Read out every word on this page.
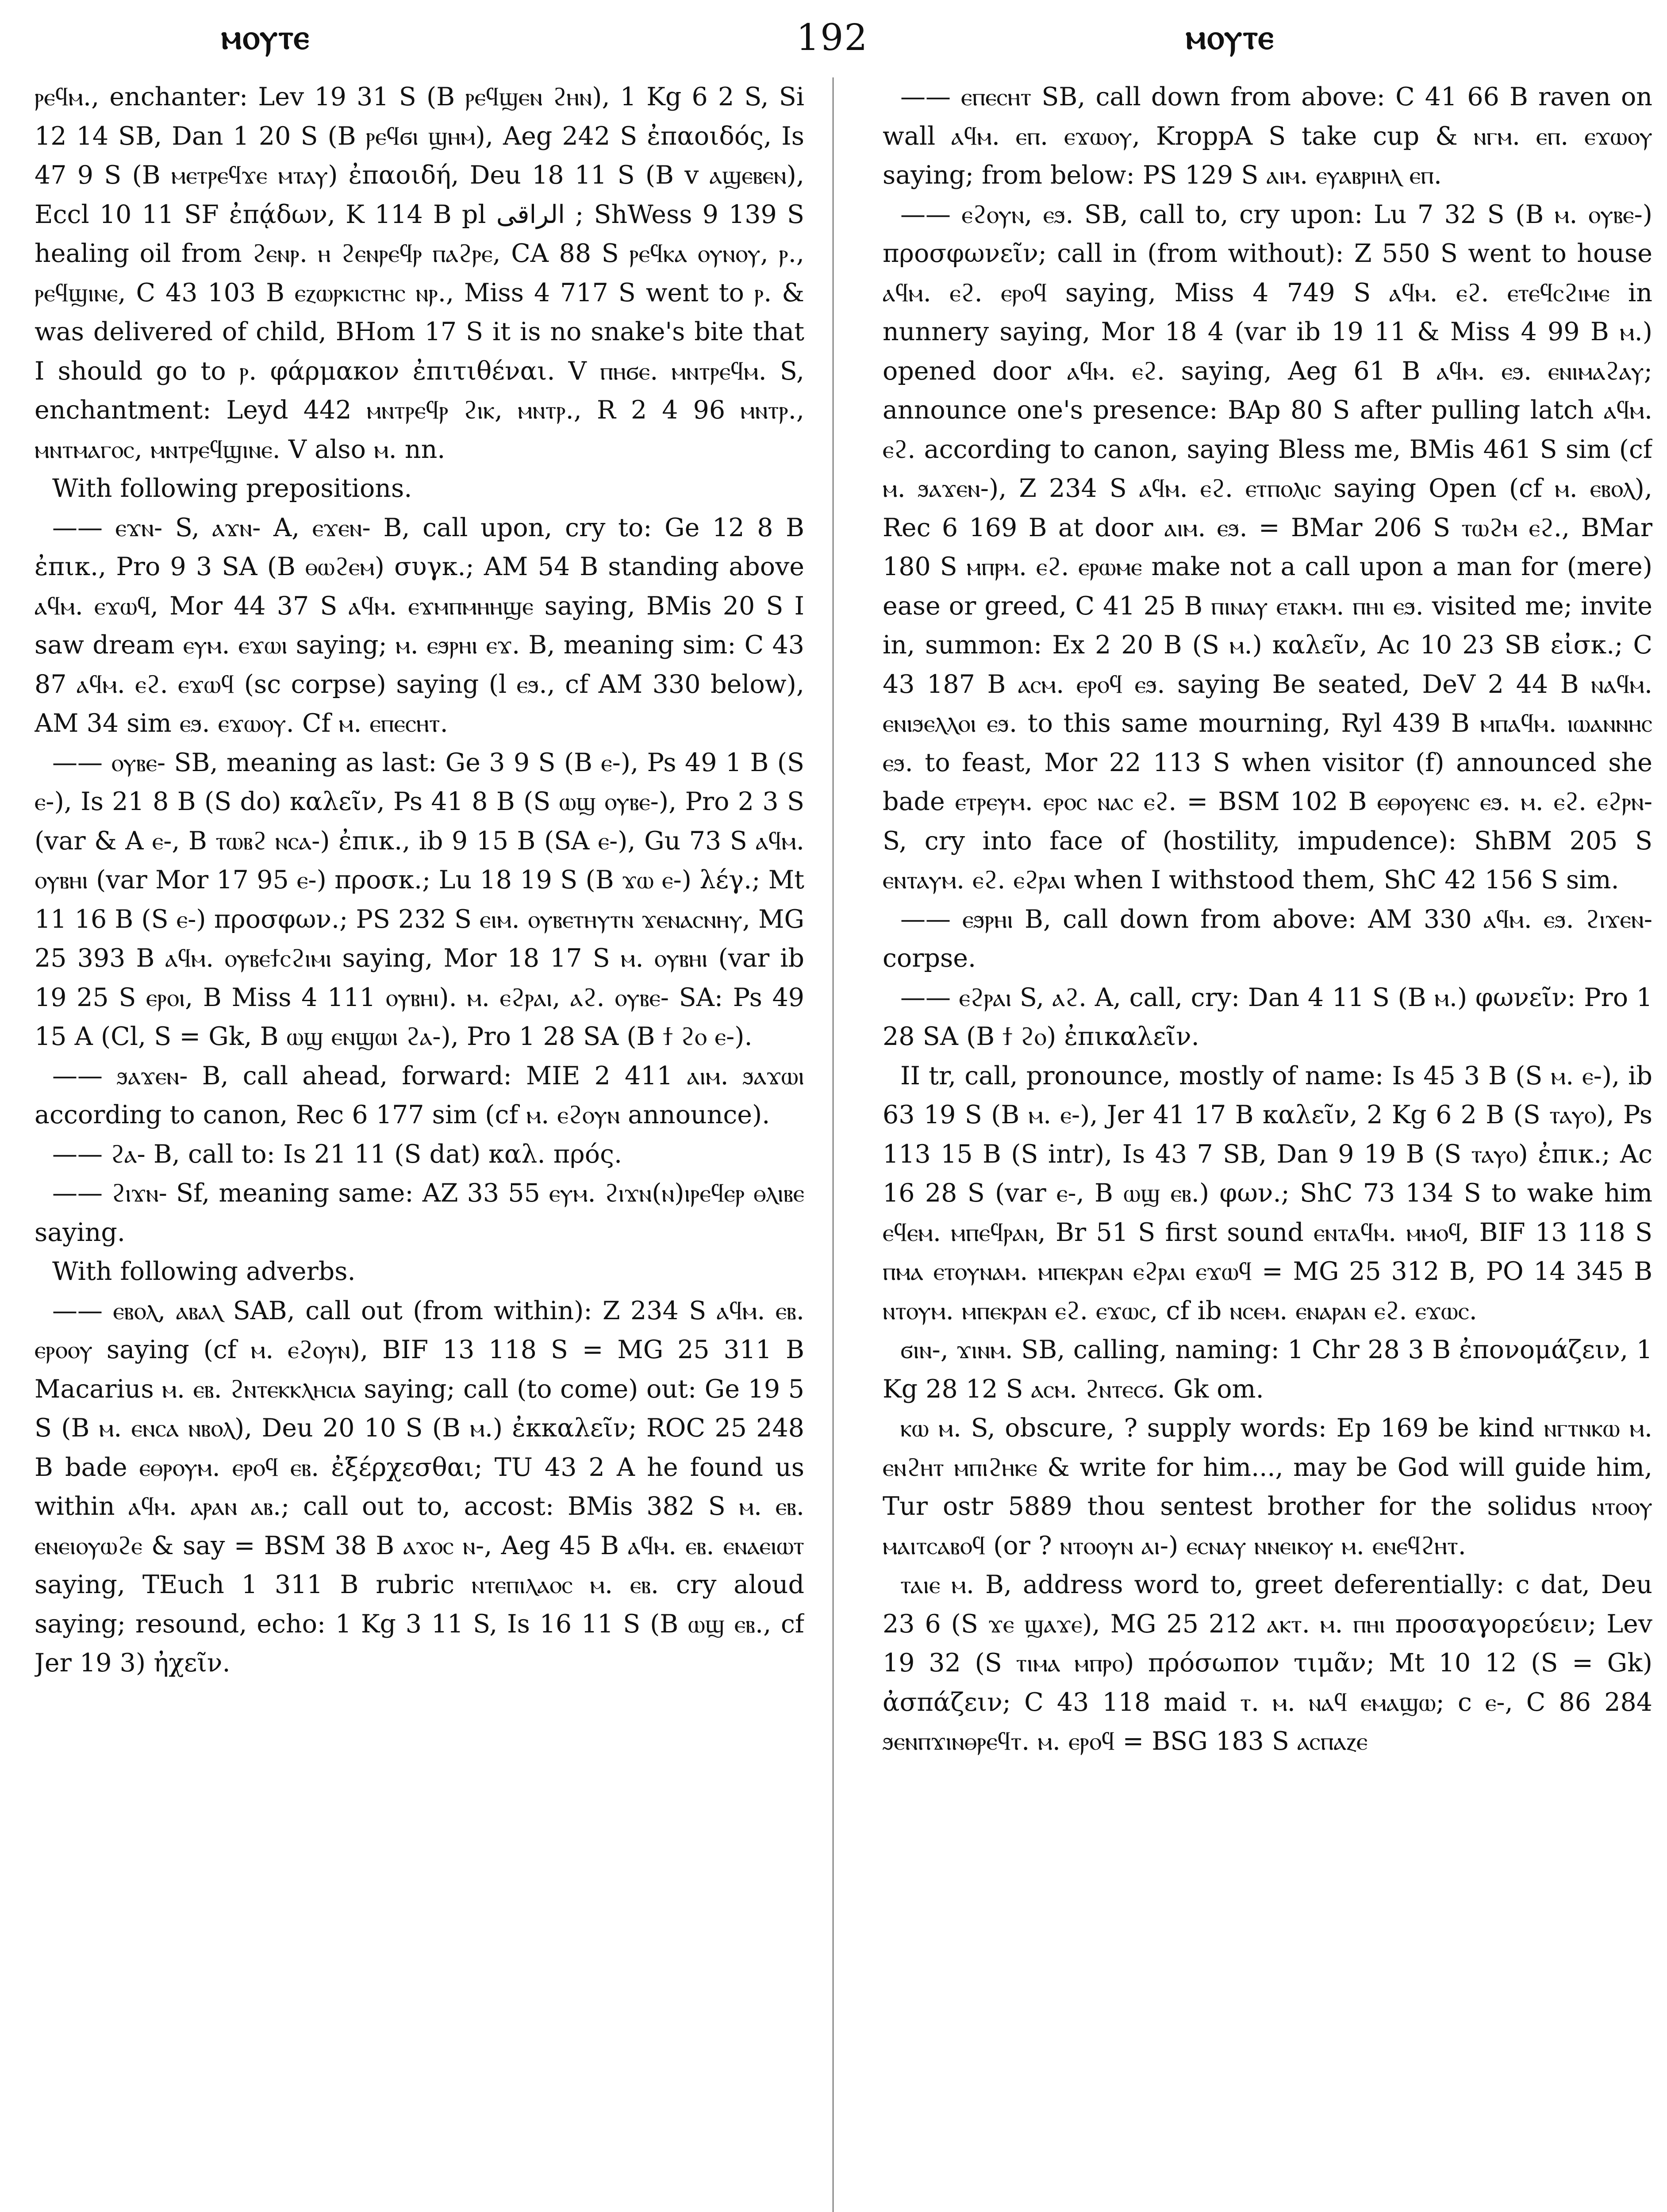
ⲙⲟⲩⲧⲉ	192	ⲙⲟⲩⲧⲉ

ⲣⲉϥⲙ., enchanter: Lev 19 31 S (B ⲣⲉϥϣⲉⲛ ϩⲏⲛ), 1 Kg 6 2 S, Si 12 14 SB, Dan 1 20 S (B ⲣⲉϥϭⲓ ϣⲏⲙ), Aeg 242 S ἐπαοιδός, Is 47 9 S (B ⲙⲉⲧⲣⲉϥϫⲉ ⲙⲧⲁⲩ) ἐπαοιδή, Deu 18 11 S (B v ⲁϣⲉⲃⲉⲛ), Eccl 10 11 SF ἐπᾴδων, K 114 B pl ﺍﻟﺮﺍﻗﻰ ; ShWess 9 139 S healing oil from ϩⲉⲛⲣ. ⲏ ϩⲉⲛⲣⲉϥⲣ ⲡⲁϩⲣⲉ, CA 88 S ⲣⲉϥⲕⲁ ⲟⲩⲛⲟⲩ, ⲣ., ⲣⲉϥϣⲓⲛⲉ, C 43 103 B ⲉⲍⲱⲣⲕⲓⲥⲧⲏⲥ ⲛⲣ., Miss 4 717 S went to ⲣ. & was delivered of child, BHom 17 S it is no snake's bite that I should go to ⲣ. φάρμακον ἐπιτιθέναι. V ⲡⲏϭⲉ. ⲙⲛⲧⲣⲉϥⲙ. S, enchantment: Leyd 442 ⲙⲛⲧⲣⲉϥⲣ ϩⲓⲕ, ⲙⲛⲧⲣ., R 2 4 96 ⲙⲛⲧⲣ., ⲙⲛⲧⲙⲁⲅⲟⲥ, ⲙⲛⲧⲣⲉϥϣⲓⲛⲉ. V also ⲙ. nn.

With following prepositions.

—— ⲉϫⲛ- S, ⲁϫⲛ- A, ⲉϫⲉⲛ- B, call upon, cry to: Ge 12 8 B ἐπικ., Pro 9 3 SA (B ⲑⲱϩⲉⲙ) συγκ.; AM 54 B standing above ⲁϥⲙ. ⲉϫⲱϥ, Mor 44 37 S ⲁϥⲙ. ⲉϫⲙⲡⲙⲏⲏϣⲉ saying, BMis 20 S I saw dream ⲉⲩⲙ. ⲉϫⲱⲓ saying; ⲙ. ⲉϧⲣⲏⲓ ⲉϫ. B, meaning sim: C 43 87 ⲁϥⲙ. ⲉϩ. ⲉϫⲱϥ (sc corpse) saying (l ⲉϧ., cf AM 330 below), AM 34 sim ⲉϧ. ⲉϫⲱⲟⲩ. Cf ⲙ. ⲉⲡⲉⲥⲏⲧ.

—— ⲟⲩⲃⲉ- SB, meaning as last: Ge 3 9 S (B ⲉ-), Ps 49 1 B (S ⲉ-), Is 21 8 B (S do) καλεῖν, Ps 41 8 B (S ⲱϣ ⲟⲩⲃⲉ-), Pro 2 3 S (var & A ⲉ-, B ⲧⲱⲃϩ ⲛⲥⲁ-) ἐπικ., ib 9 15 B (SA ⲉ-), Gu 73 S ⲁϥⲙ. ⲟⲩⲃⲏⲓ (var Mor 17 95 ⲉ-) προσκ.; Lu 18 19 S (B ϫⲱ ⲉ-) λέγ.; Mt 11 16 B (S ⲉ-) προσφων.; PS 232 S ⲉⲓⲙ. ⲟⲩⲃⲉⲧⲏⲩⲧⲛ ϫⲉⲛⲁⲥⲛⲏⲩ, MG 25 393 B ⲁϥⲙ. ⲟⲩⲃⲉϯⲥϩⲓⲙⲓ saying, Mor 18 17 S ⲙ. ⲟⲩⲃⲏⲓ (var ib 19 25 S ⲉⲣⲟⲓ, B Miss 4 111 ⲟⲩⲃⲏⲓ). ⲙ. ⲉϩⲣⲁⲓ, ⲁϩ. ⲟⲩⲃⲉ- SA: Ps 49 15 A (Cl, S = Gk, B ⲱϣ ⲉⲛϣⲱⲓ ϩⲁ-), Pro 1 28 SA (B ϯ ϩⲟ ⲉ-).

—— ϧⲁϫⲉⲛ- B, call ahead, forward: MIE 2 411 ⲁⲓⲙ. ϧⲁϫⲱⲓ according to canon, Rec 6 177 sim (cf ⲙ. ⲉϩⲟⲩⲛ announce).

—— ϩⲁ- B, call to: Is 21 11 (S dat) καλ. πρός.

—— ϩⲓϫⲛ- Sf, meaning same: AZ 33 55 ⲉⲩⲙ. ϩⲓϫⲛ(ⲛ)ⲓⲣⲉϥⲉⲣ ⲑⲗⲓⲃⲉ saying.

With following adverbs.

—— ⲉⲃⲟⲗ, ⲁⲃⲁⲗ SAB, call out (from within): Z 234 S ⲁϥⲙ. ⲉⲃ. ⲉⲣⲟⲟⲩ saying (cf ⲙ. ⲉϩⲟⲩⲛ), BIF 13 118 S = MG 25 311 B Macarius ⲙ. ⲉⲃ. ϩⲛⲧⲉⲕⲕⲗⲏⲥⲓⲁ saying; call (to come) out: Ge 19 5 S (B ⲙ. ⲉⲛⲥⲁ ⲛⲃⲟⲗ), Deu 20 10 S (B ⲙ.) ἐκκαλεῖν; ROC 25 248 B bade ⲉⲑⲣⲟⲩⲙ. ⲉⲣⲟϥ ⲉⲃ. ἐξέρχεσθαι; TU 43 2 A he found us within ⲁϥⲙ. ⲁⲣⲁⲛ ⲁⲃ.; call out to, accost: BMis 382 S ⲙ. ⲉⲃ. ⲉⲛⲉⲓⲟⲩⲱϩⲉ & say = BSM 38 B ⲁϫⲟⲥ ⲛ-, Aeg 45 B ⲁϥⲙ. ⲉⲃ. ⲉⲛⲁⲉⲓⲱⲧ saying, TEuch 1 311 B rubric ⲛⲧⲉⲡⲓⲗⲁⲟⲥ ⲙ. ⲉⲃ. cry aloud saying; resound, echo: 1 Kg 3 11 S, Is 16 11 S (B ⲱϣ ⲉⲃ., cf Jer 19 3) ἠχεῖν.

—— ⲉⲡⲉⲥⲏⲧ SB, call down from above: C 41 66 B raven on wall ⲁϥⲙ. ⲉⲡ. ⲉϫⲱⲟⲩ, KroppA S take cup & ⲛⲅⲙ. ⲉⲡ. ⲉϫⲱⲟⲩ saying; from below: PS 129 S ⲁⲓⲙ. ⲉⲩⲁⲃⲣⲓⲏⲗ ⲉⲡ.

—— ⲉϩⲟⲩⲛ, ⲉϧ. SB, call to, cry upon: Lu 7 32 S (B ⲙ. ⲟⲩⲃⲉ-) προσφωνεῖν; call in (from without): Z 550 S went to house ⲁϥⲙ. ⲉϩ. ⲉⲣⲟϥ saying, Miss 4 749 S ⲁϥⲙ. ⲉϩ. ⲉⲧⲉϥⲥϩⲓⲙⲉ in nunnery saying, Mor 18 4 (var ib 19 11 & Miss 4 99 B ⲙ.) opened door ⲁϥⲙ. ⲉϩ. saying, Aeg 61 B ⲁϥⲙ. ⲉϧ. ⲉⲛⲓⲙⲁϩⲁⲩ; announce one's presence: BAp 80 S after pulling latch ⲁϥⲙ. ⲉϩ. according to canon, saying Bless me, BMis 461 S sim (cf ⲙ. ϧⲁϫⲉⲛ-), Z 234 S ⲁϥⲙ. ⲉϩ. ⲉⲧⲡⲟⲗⲓⲥ saying Open (cf ⲙ. ⲉⲃⲟⲗ), Rec 6 169 B at door ⲁⲓⲙ. ⲉϧ. = BMar 206 S ⲧⲱϩⲙ ⲉϩ., BMar 180 S ⲙⲡⲣⲙ. ⲉϩ. ⲉⲣⲱⲙⲉ make not a call upon a man for (mere) ease or greed, C 41 25 B ⲡⲓⲛⲁⲩ ⲉⲧⲁⲕⲙ. ⲡⲏⲓ ⲉϧ. visited me; invite in, summon: Ex 2 20 B (S ⲙ.) καλεῖν, Ac 10 23 SB εἰσκ.; C 43 187 B ⲁⲥⲙ. ⲉⲣⲟϥ ⲉϧ. saying Be seated, DeV 2 44 B ⲛⲁϥⲙ. ⲉⲛⲓϧⲉⲗⲗⲟⲓ ⲉϧ. to this same mourning, Ryl 439 B ⲙⲡⲁϥⲙ. ⲓⲱⲁⲛⲛⲏⲥ ⲉϧ. to feast, Mor 22 113 S when visitor (f) announced she bade ⲉⲧⲣⲉⲩⲙ. ⲉⲣⲟⲥ ⲛⲁⲥ ⲉϩ. = BSM 102 B ⲉⲑⲣⲟⲩⲉⲛⲥ ⲉϧ. ⲙ. ⲉϩ. ⲉϩⲣⲛ- S, cry into face of (hostility, impudence): ShBM 205 S ⲉⲛⲧⲁⲩⲙ. ⲉϩ. ⲉϩⲣⲁⲓ when I withstood them, ShC 42 156 S sim.

—— ⲉϧⲣⲏⲓ B, call down from above: AM 330 ⲁϥⲙ. ⲉϧ. ϩⲓϫⲉⲛ- corpse.

—— ⲉϩⲣⲁⲓ S, ⲁϩ. A, call, cry: Dan 4 11 S (B ⲙ.) φωνεῖν: Pro 1 28 SA (B ϯ ϩⲟ) ἐπικαλεῖν.

II tr, call, pronounce, mostly of name: Is 45 3 B (S ⲙ. ⲉ-), ib 63 19 S (B ⲙ. ⲉ-), Jer 41 17 B καλεῖν, 2 Kg 6 2 B (S ⲧⲁⲩⲟ), Ps 113 15 B (S intr), Is 43 7 SB, Dan 9 19 B (S ⲧⲁⲩⲟ) ἐπικ.; Ac 16 28 S (var ⲉ-, B ⲱϣ ⲉⲃ.) φων.; ShC 73 134 S to wake him ⲉϥⲉⲙ. ⲙⲡⲉϥⲣⲁⲛ, Br 51 S first sound ⲉⲛⲧⲁϥⲙ. ⲙⲙⲟϥ, BIF 13 118 S ⲡⲙⲁ ⲉⲧⲟⲩⲛⲁⲙ. ⲙⲡⲉⲕⲣⲁⲛ ⲉϩⲣⲁⲓ ⲉϫⲱϥ = MG 25 312 B, PO 14 345 B ⲛⲧⲟⲩⲙ. ⲙⲡⲉⲕⲣⲁⲛ ⲉϩ. ⲉϫⲱⲥ, cf ib ⲛⲥⲉⲙ. ⲉⲛⲁⲣⲁⲛ ⲉϩ. ⲉϫⲱⲥ.

ϭⲓⲛ-, ϫⲓⲛⲙ. SB, calling, naming: 1 Chr 28 3 B ἐπονομάζειν, 1 Kg 28 12 S ⲁⲥⲙ. ϩⲛⲧⲉⲥϭ. Gk om.

ⲕⲱ ⲙ. S, obscure, ? supply words: Ep 169 be kind ⲛⲅⲧⲛⲕⲱ ⲙ. ⲉⲛϩⲏⲧ ⲙⲡⲓϩⲏⲕⲉ & write for him..., may be God will guide him, Tur ostr 5889 thou sentest brother for the solidus ⲛⲧⲟⲟⲩ ⲙⲁⲓⲧⲥⲁⲃⲟϥ (or ? ⲛⲧⲟⲟⲩⲛ ⲁⲓ-) ⲉⲥⲛⲁⲩ ⲛⲛⲉⲓⲕⲟⲩ ⲙ. ⲉⲛⲉϥϩⲏⲧ.

ⲧⲁⲓⲉ ⲙ. B, address word to, greet deferentially: c dat, Deu 23 6 (S ϫⲉ ϣⲁϫⲉ), MG 25 212 ⲁⲕⲧ. ⲙ. ⲡⲏⲓ προσαγορεύειν; Lev 19 32 (S ⲧⲓⲙⲁ ⲙⲡⲣⲟ) πρόσωπον τιμᾶν; Mt 10 12 (S = Gk) ἀσπάζειν; C 43 118 maid ⲧ. ⲙ. ⲛⲁϥ ⲉⲙⲁϣⲱ; c ⲉ-, C 86 284 ϧⲉⲛⲡϫⲓⲛⲑⲣⲉϥⲧ. ⲙ. ⲉⲣⲟϥ = BSG 183 S ⲁⲥⲡⲁⲍⲉ
